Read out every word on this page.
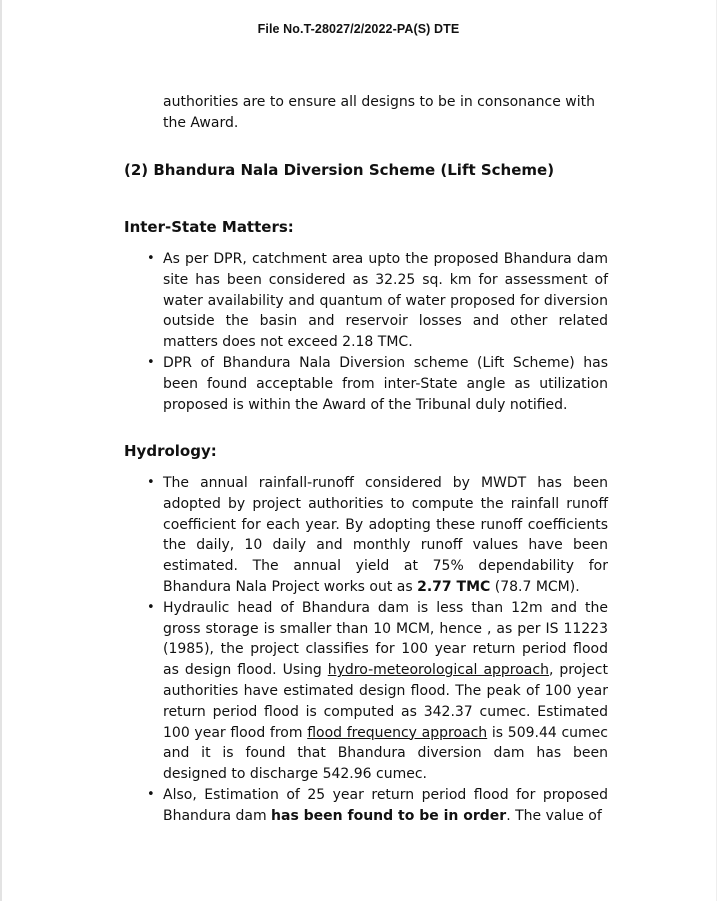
File No.T-28027/2/2022-PA(S) DTE

authorities are to ensure all designs to be in consonance with the Award.

(2) Bhandura Nala Diversion Scheme (Lift Scheme)
Inter-State Matters:
• As per DPR, catchment area upto the proposed Bhandura dam site has been considered as 32.25 sq. km for assessment of water availability and quantum of water proposed for diversion outside the basin and reservoir losses and other related matters does not exceed 2.18 TMC.
• DPR of Bhandura Nala Diversion scheme (Lift Scheme) has been found acceptable from inter-State angle as utilization proposed is within the Award of the Tribunal duly notified.
Hydrology:
• The annual rainfall-runoff considered by MWDT has been adopted by project authorities to compute the rainfall runoff coefficient for each year. By adopting these runoff coefficients the daily, 10 daily and monthly runoff values have been estimated. The annual yield at 75% dependability for Bhandura Nala Project works out as 2.77 TMC (78.7 MCM).
• Hydraulic head of Bhandura dam is less than 12m and the gross storage is smaller than 10 MCM, hence , as per IS 11223 (1985), the project classifies for 100 year return period flood as design flood. Using hydro-meteorological approach, project authorities have estimated design flood. The peak of 100 year return period flood is computed as 342.37 cumec. Estimated 100 year flood from flood frequency approach is 509.44 cumec and it is found that Bhandura diversion dam has been designed to discharge 542.96 cumec.
• Also, Estimation of 25 year return period flood for proposed Bhandura dam has been found to be in order. The value of
